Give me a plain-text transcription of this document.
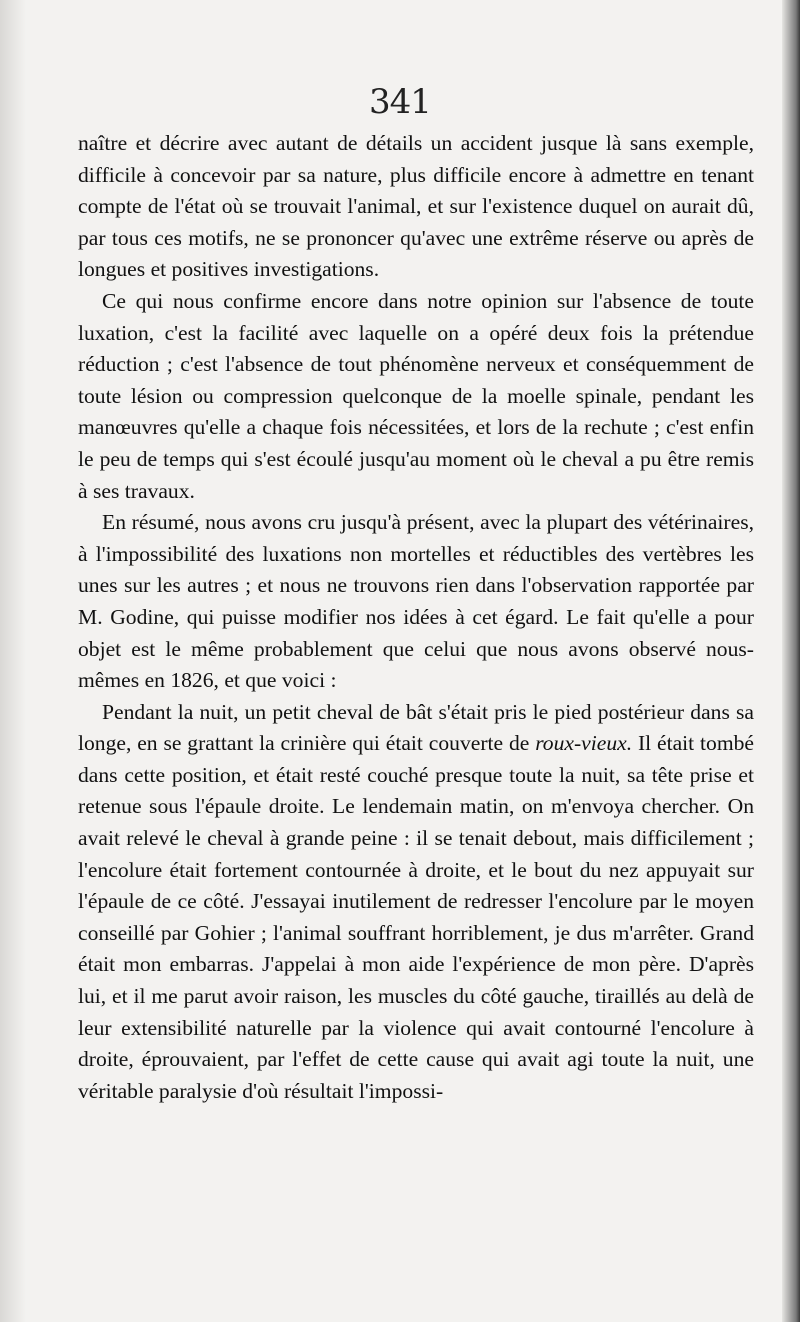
341

naître et décrire avec autant de détails un accident jusque là sans exemple, difficile à concevoir par sa nature, plus difficile encore à admettre en tenant compte de l'état où se trouvait l'animal, et sur l'existence duquel on aurait dû, par tous ces motifs, ne se prononcer qu'avec une extrême réserve ou après de longues et positives investigations.

Ce qui nous confirme encore dans notre opinion sur l'absence de toute luxation, c'est la facilité avec laquelle on a opéré deux fois la prétendue réduction ; c'est l'absence de tout phénomène nerveux et conséquemment de toute lésion ou compression quelconque de la moelle spinale, pendant les manœuvres qu'elle a chaque fois nécessitées, et lors de la rechute ; c'est enfin le peu de temps qui s'est écoulé jusqu'au moment où le cheval a pu être remis à ses travaux.

En résumé, nous avons cru jusqu'à présent, avec la plupart des vétérinaires, à l'impossibilité des luxations non mortelles et réductibles des vertèbres les unes sur les autres ; et nous ne trouvons rien dans l'observation rapportée par M. Godine, qui puisse modifier nos idées à cet égard. Le fait qu'elle a pour objet est le même probablement que celui que nous avons observé nous-mêmes en 1826, et que voici :

Pendant la nuit, un petit cheval de bât s'était pris le pied postérieur dans sa longe, en se grattant la crinière qui était couverte de roux-vieux. Il était tombé dans cette position, et était resté couché presque toute la nuit, sa tête prise et retenue sous l'épaule droite. Le lendemain matin, on m'envoya chercher. On avait relevé le cheval à grande peine : il se tenait debout, mais difficilement ; l'encolure était fortement contournée à droite, et le bout du nez appuyait sur l'épaule de ce côté. J'essayai inutilement de redresser l'encolure par le moyen conseillé par Gohier ; l'animal souffrant horriblement, je dus m'arrêter. Grand était mon embarras. J'appelai à mon aide l'expérience de mon père. D'après lui, et il me parut avoir raison, les muscles du côté gauche, tiraillés au delà de leur extensibilité naturelle par la violence qui avait contourné l'encolure à droite, éprouvaient, par l'effet de cette cause qui avait agi toute la nuit, une véritable paralysie d'où résultait l'impossi-
